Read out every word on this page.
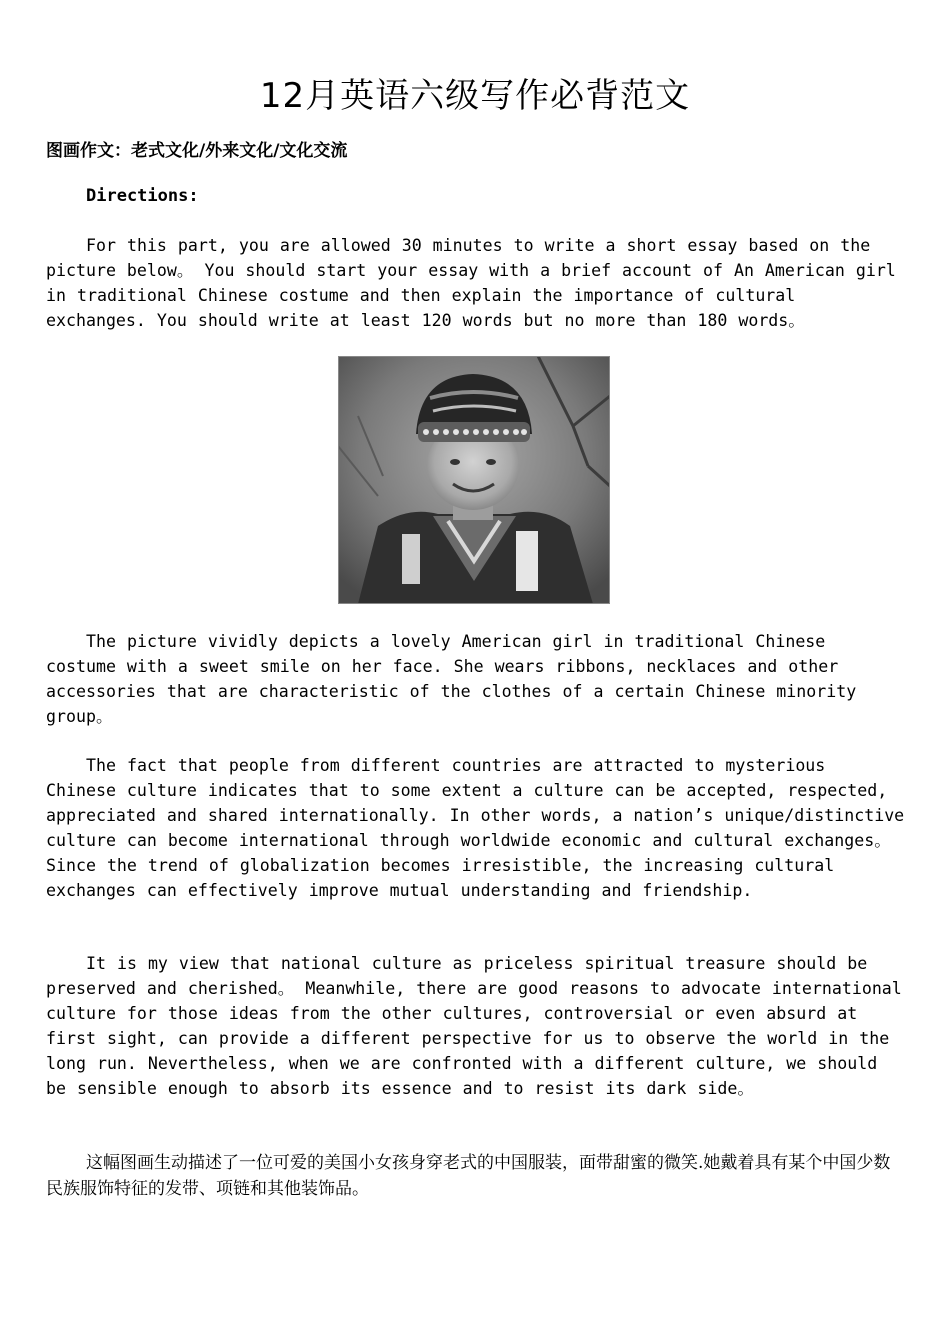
12月英语六级写作必背范文

图画作文：老式文化/外来文化/文化交流

Directions:

For this part, you are allowed 30 minutes to write a short essay based on the picture below。 You should start your essay with a brief account of An American girl in traditional Chinese costume and then explain the importance of cultural exchanges. You should write at least 120 words but no more than 180 words。

The picture vividly depicts a lovely American girl in traditional Chinese costume with a sweet smile on her face. She wears ribbons, necklaces and other accessories that are characteristic of the clothes of a certain Chinese minority group。

The fact that people from different countries are attracted to mysterious Chinese culture indicates that to some extent a culture can be accepted, respected, appreciated and shared internationally. In other words, a nation’s unique/distinctive culture can become international through worldwide economic and cultural exchanges。 Since the trend of globalization becomes irresistible, the increasing cultural exchanges can effectively improve mutual understanding and friendship.

It is my view that national culture as priceless spiritual treasure should be preserved and cherished。 Meanwhile, there are good reasons to advocate international culture for those ideas from the other cultures, controversial or even absurd at first sight, can provide a different perspective for us to observe the world in the long run. Nevertheless, when we are confronted with a different culture, we should be sensible enough to absorb its essence and to resist its dark side。

这幅图画生动描述了一位可爱的美国小女孩身穿老式的中国服装，面带甜蜜的微笑.她戴着具有某个中国少数民族服饰特征的发带、项链和其他装饰品。
